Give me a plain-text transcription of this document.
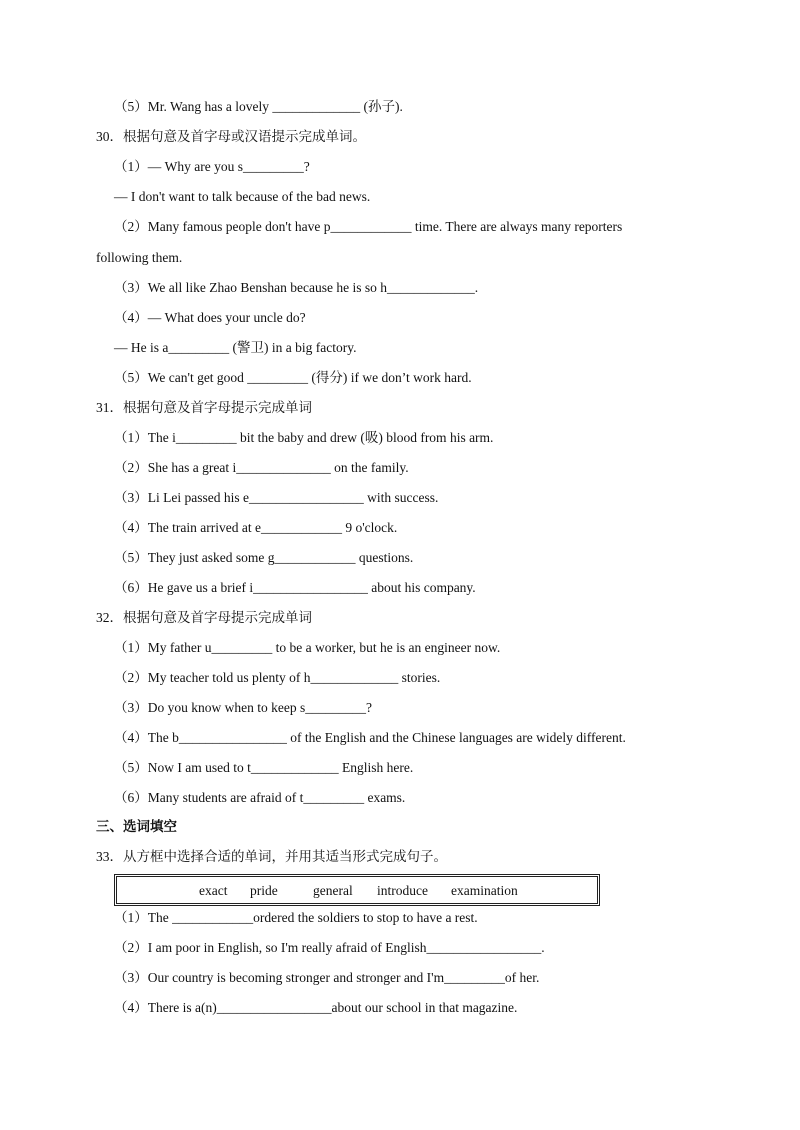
（5）Mr. Wang has a lovely _____________ (孙子).
30．根据句意及首字母或汉语提示完成单词。
（1）— Why are you s_________?
— I don't want to talk because of the bad news.
（2）Many famous people don't have p____________ time. There are always many reporters
following them.
（3）We all like Zhao Benshan because he is so h_____________.
（4）— What does your uncle do?
— He is a_________ (警卫) in a big factory.
（5）We can't get good _________ (得分) if we don’t work hard.
31．根据句意及首字母提示完成单词
（1）The i_________ bit the baby and drew (吸) blood from his arm.
（2）She has a great i______________ on the family.
（3）Li Lei passed his e_________________ with success.
（4）The train arrived at e____________ 9 o'clock.
（5）They just asked some g____________ questions.
（6）He gave us a brief i_________________ about his company.
32．根据句意及首字母提示完成单词
（1）My father u_________ to be a worker, but he is an engineer now.
（2）My teacher told us plenty of h_____________ stories.
（3）Do you know when to keep s_________?
（4）The b________________ of the English and the Chinese languages are widely different.
（5）Now I am used to t_____________ English here.
（6）Many students are afraid of t_________ exams.
三、选词填空
33．从方框中选择合适的单词，并用其适当形式完成句子。
exact pride	general introduce examination
（1）The ____________ordered the soldiers to stop to have a rest.
（2）I am poor in English, so I'm really afraid of English_________________.
（3）Our country is becoming stronger and stronger and I'm_________of her.
（4）There is a(n)_________________about our school in that magazine.
